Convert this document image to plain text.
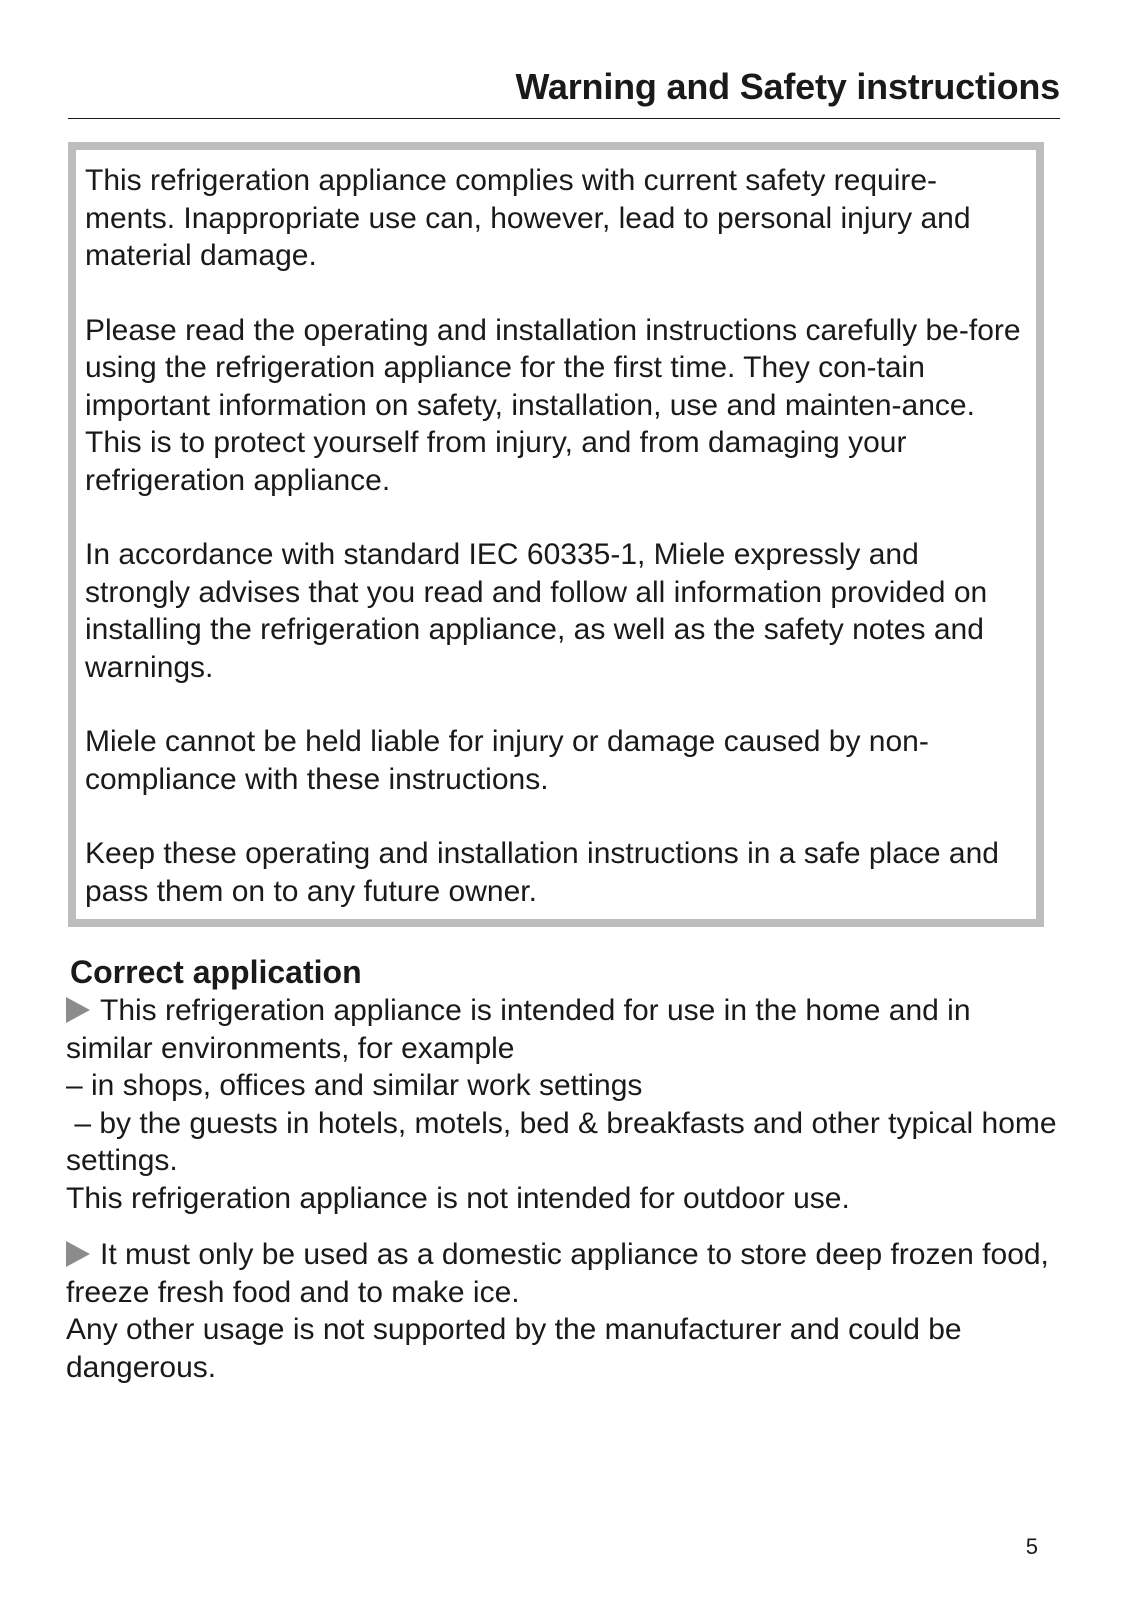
Warning and Safety instructions

This refrigeration appliance complies with current safety require-ments. Inappropriate use can, however, lead to personal injury and material damage.

Please read the operating and installation instructions carefully be-fore using the refrigeration appliance for the first time. They con-tain important information on safety, installation, use and mainten-ance. This is to protect yourself from injury, and from damaging your refrigeration appliance.

In accordance with standard IEC 60335-1, Miele expressly and strongly advises that you read and follow all information provided on installing the refrigeration appliance, as well as the safety notes and warnings.

Miele cannot be held liable for injury or damage caused by non-compliance with these instructions.

Keep these operating and installation instructions in a safe place and pass them on to any future owner.

Correct application
This refrigeration appliance is intended for use in the home and in similar environments, for example
– in shops, offices and similar work settings
– by the guests in hotels, motels, bed & breakfasts and other typical home settings.
This refrigeration appliance is not intended for outdoor use.
It must only be used as a domestic appliance to store deep frozen food, freeze fresh food and to make ice.
Any other usage is not supported by the manufacturer and could be dangerous.
5
